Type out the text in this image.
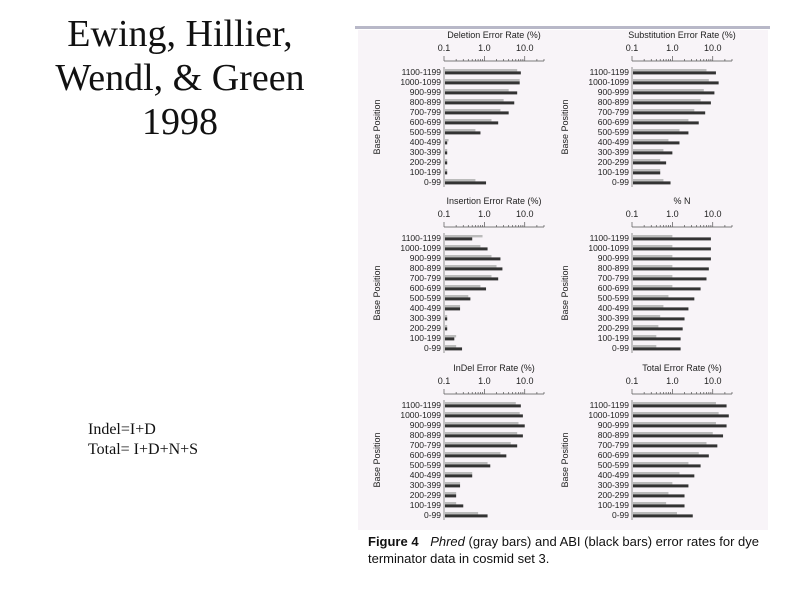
Ewing, Hillier,
Wendl, & Green
1998
Indel=I+D
Total= I+D+N+S
Deletion Error Rate (%)
0.1	1.0	10.0
Base Position
1100-1199
1000-1099
900-999
800-899
700-799
600-699
500-599
400-499
300-399
200-299
100-199
0-99
Substitution Error Rate (%)
0.1	1.0	10.0
Base Position
1100-1199
1000-1099
900-999
800-899
700-799
600-699
500-599
400-499
300-399
200-299
100-199
0-99
Insertion Error Rate (%)
0.1	1.0	10.0
Base Position
1100-1199
1000-1099
900-999
800-899
700-799
600-699
500-599
400-499
300-399
200-299
100-199
0-99
% N
0.1	1.0	10.0
Base Position
1100-1199
1000-1099
900-999
800-899
700-799
600-699
500-599
400-499
300-399
200-299
100-199
0-99
InDel Error Rate (%)
0.1	1.0	10.0
Base Position
1100-1199
1000-1099
900-999
800-899
700-799
600-699
500-599
400-499
300-399
200-299
100-199
0-99
Total Error Rate (%)
0.1	1.0	10.0
Base Position
1100-1199
1000-1099
900-999
800-899
700-799
600-699
500-599
400-499
300-399
200-299
100-199
0-99
Figure 4 Phred (gray bars) and ABI (black bars) error rates for dye terminator data in cosmid set 3.
